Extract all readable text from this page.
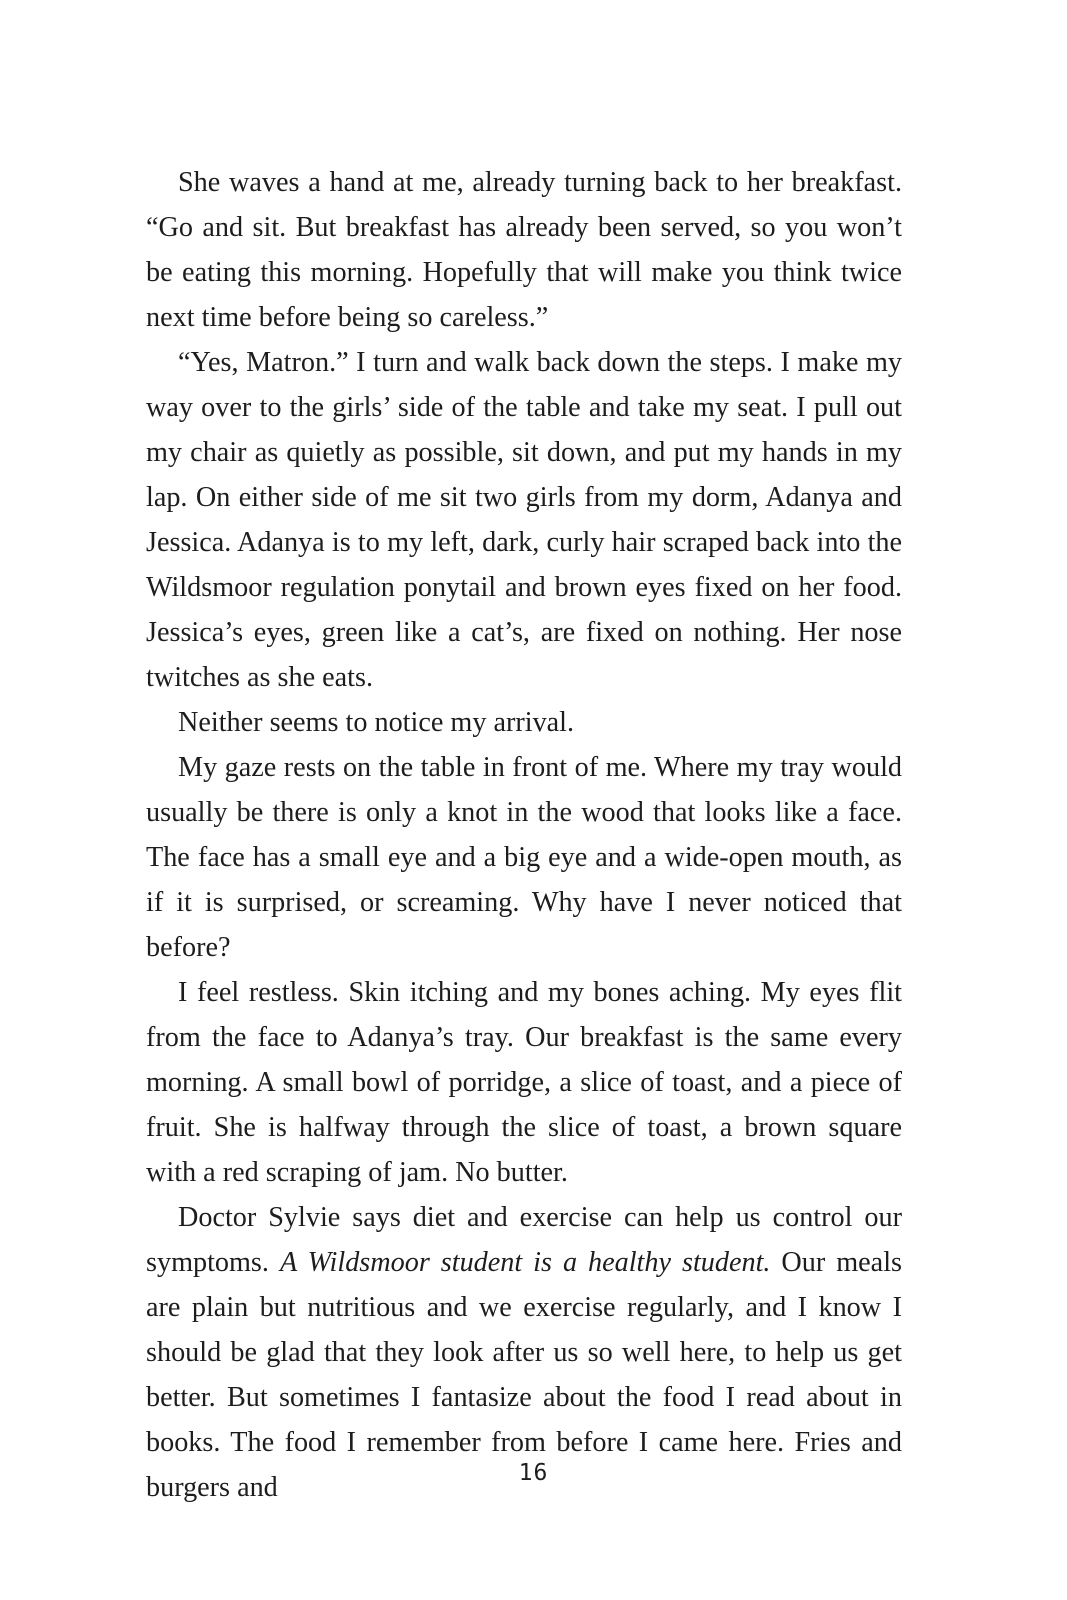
She waves a hand at me, already turning back to her breakfast. “Go and sit. But breakfast has already been served, so you won’t be eating this morning. Hopefully that will make you think twice next time before being so careless.”

“Yes, Matron.” I turn and walk back down the steps. I make my way over to the girls’ side of the table and take my seat. I pull out my chair as quietly as possible, sit down, and put my hands in my lap. On either side of me sit two girls from my dorm, Adanya and Jessica. Adanya is to my left, dark, curly hair scraped back into the Wildsmoor regulation ponytail and brown eyes fixed on her food. Jessica’s eyes, green like a cat’s, are fixed on nothing. Her nose twitches as she eats.

Neither seems to notice my arrival.

My gaze rests on the table in front of me. Where my tray would usually be there is only a knot in the wood that looks like a face. The face has a small eye and a big eye and a wide-open mouth, as if it is surprised, or screaming. Why have I never noticed that before?

I feel restless. Skin itching and my bones aching. My eyes flit from the face to Adanya’s tray. Our breakfast is the same every morning. A small bowl of porridge, a slice of toast, and a piece of fruit. She is halfway through the slice of toast, a brown square with a red scraping of jam. No butter.

Doctor Sylvie says diet and exercise can help us control our symptoms. A Wildsmoor student is a healthy student. Our meals are plain but nutritious and we exercise regularly, and I know I should be glad that they look after us so well here, to help us get better. But sometimes I fantasize about the food I read about in books. The food I remember from before I came here. Fries and burgers and	16
